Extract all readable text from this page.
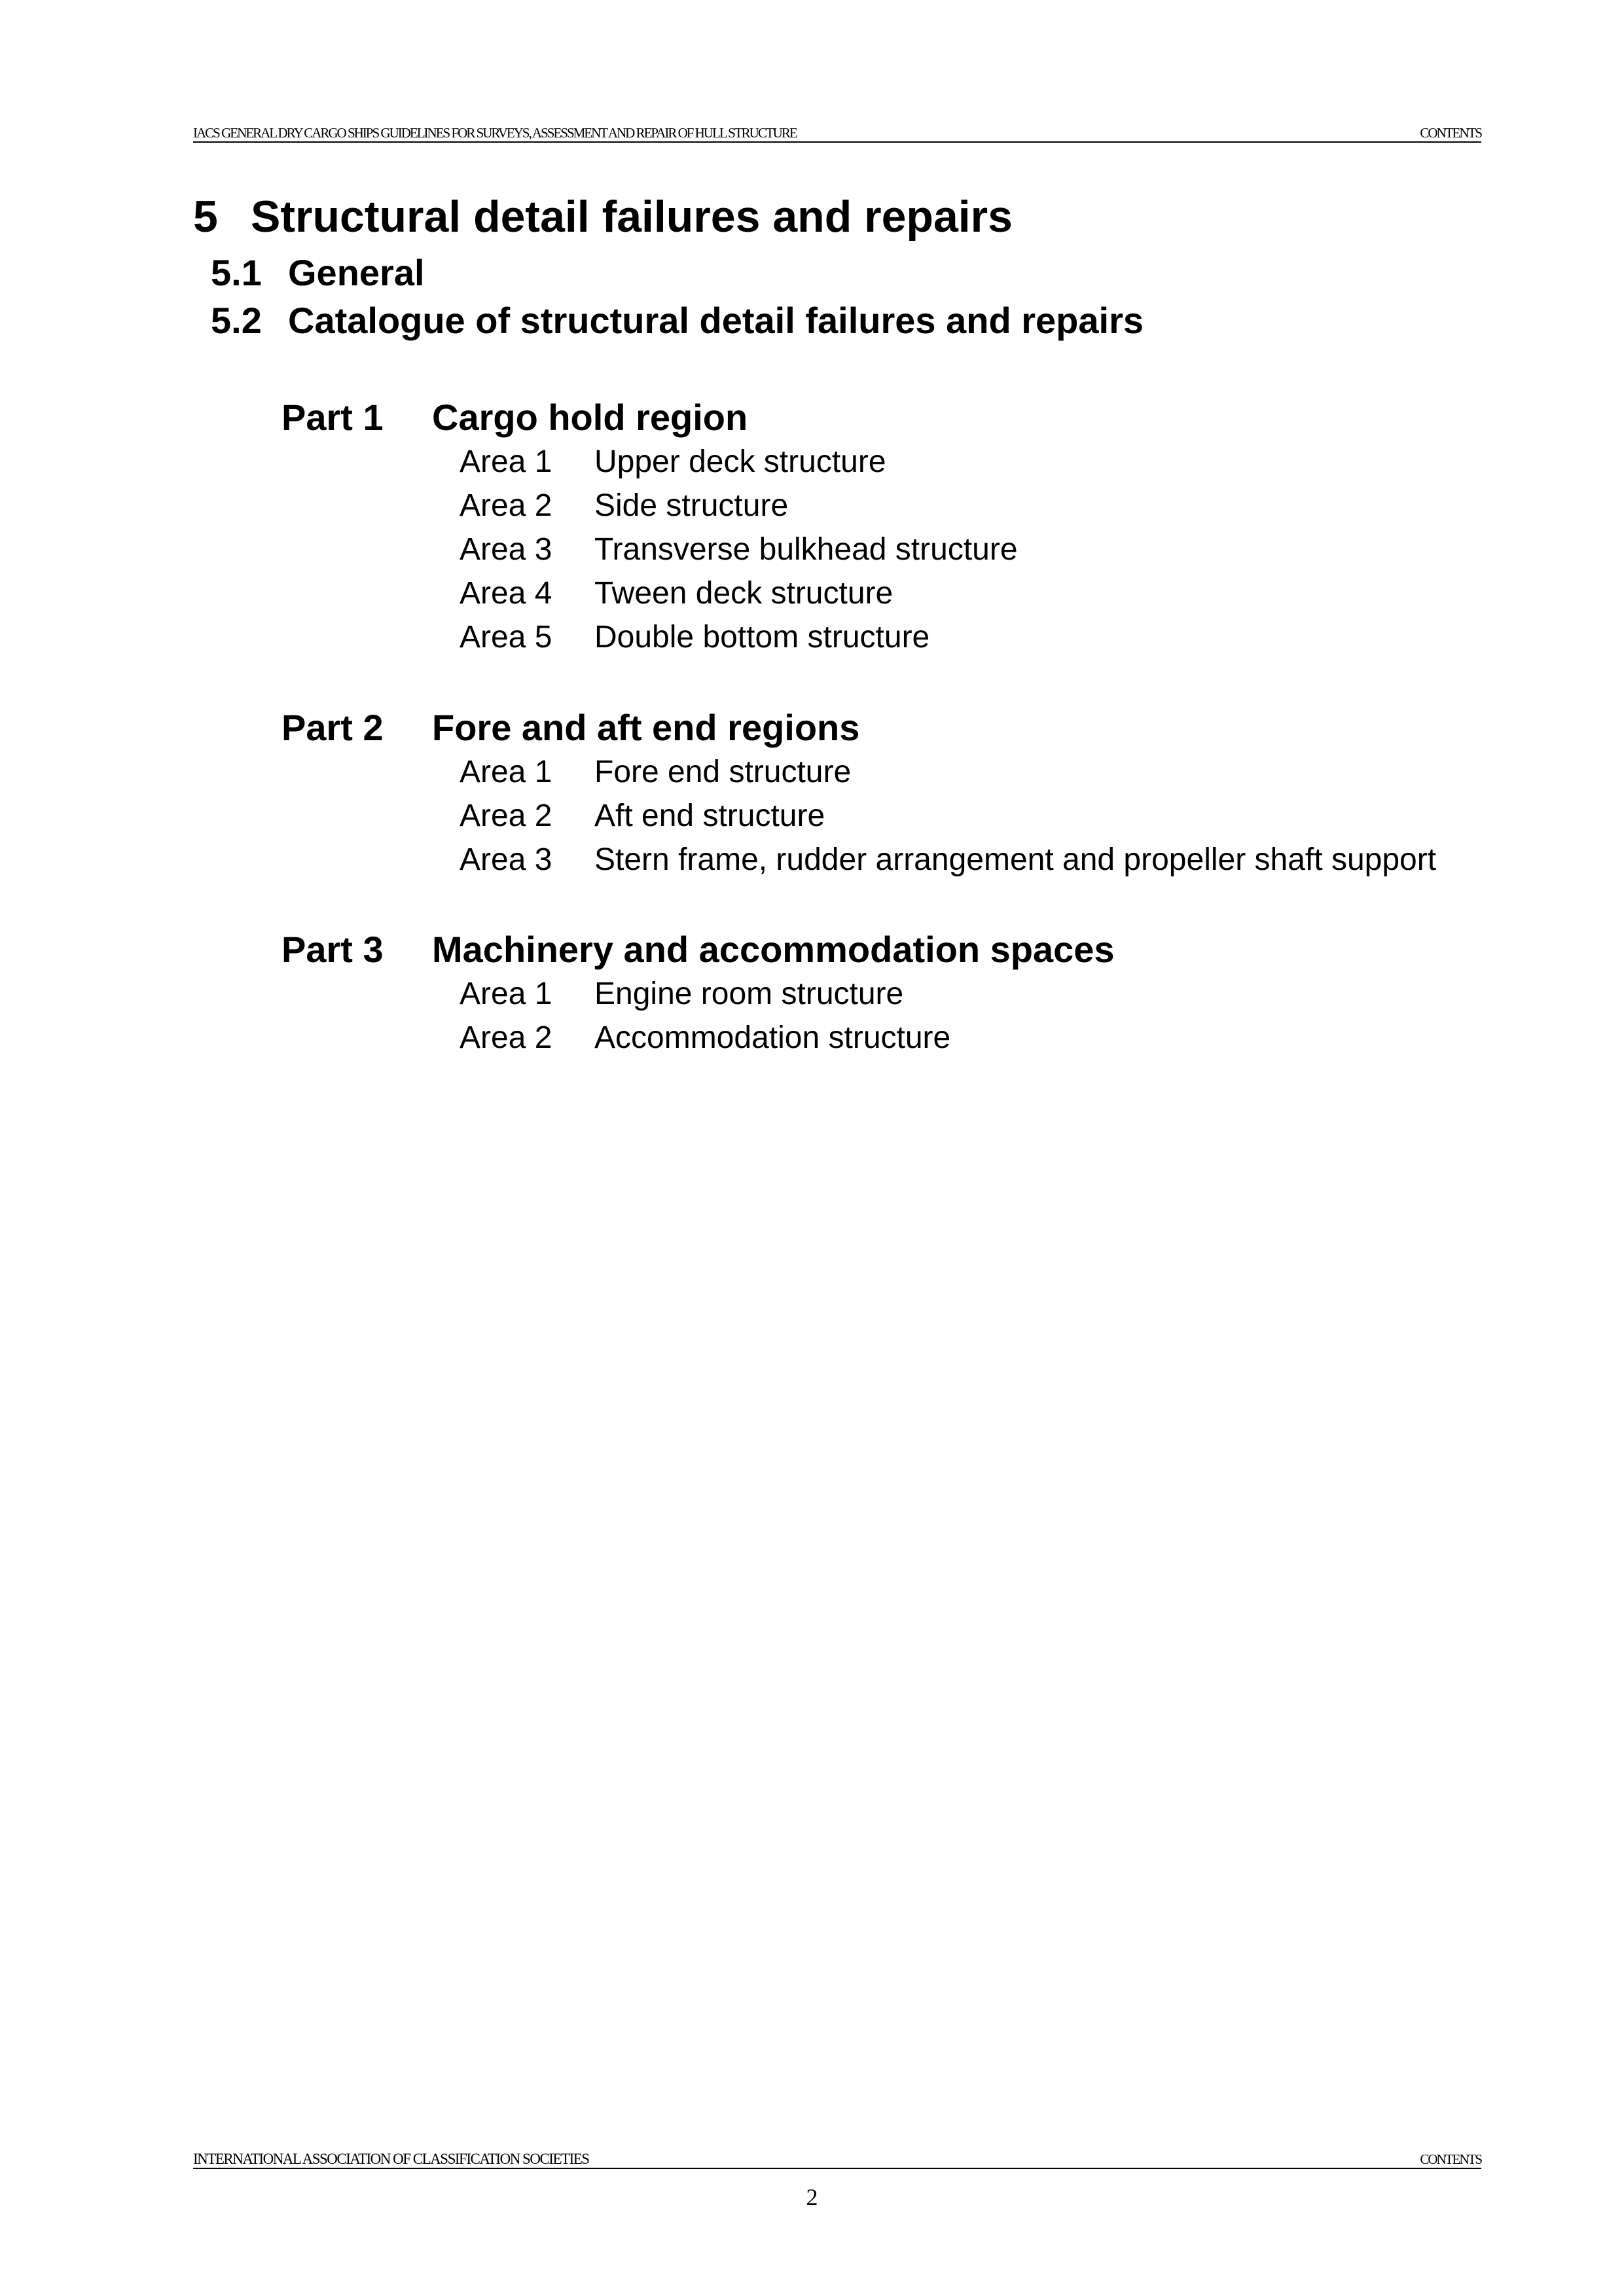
IACS GENERAL DRY CARGO SHIPS GUIDELINES FOR SURVEYS, ASSESSMENT AND REPAIR OF HULL STRUCTURE	CONTENTS
5 Structural detail failures and repairs
5.1 General
5.2 Catalogue of structural detail failures and repairs
Part 1 Cargo hold region
Area 1 Upper deck structure
Area 2 Side structure
Area 3 Transverse bulkhead structure
Area 4 Tween deck structure
Area 5 Double bottom structure
Part 2 Fore and aft end regions
Area 1 Fore end structure
Area 2 Aft end structure
Area 3 Stern frame, rudder arrangement and propeller shaft support
Part 3 Machinery and accommodation spaces
Area 1 Engine room structure
Area 2 Accommodation structure
INTERNATIONAL ASSOCIATION OF CLASSIFICATION SOCIETIES	CONTENTS
2
